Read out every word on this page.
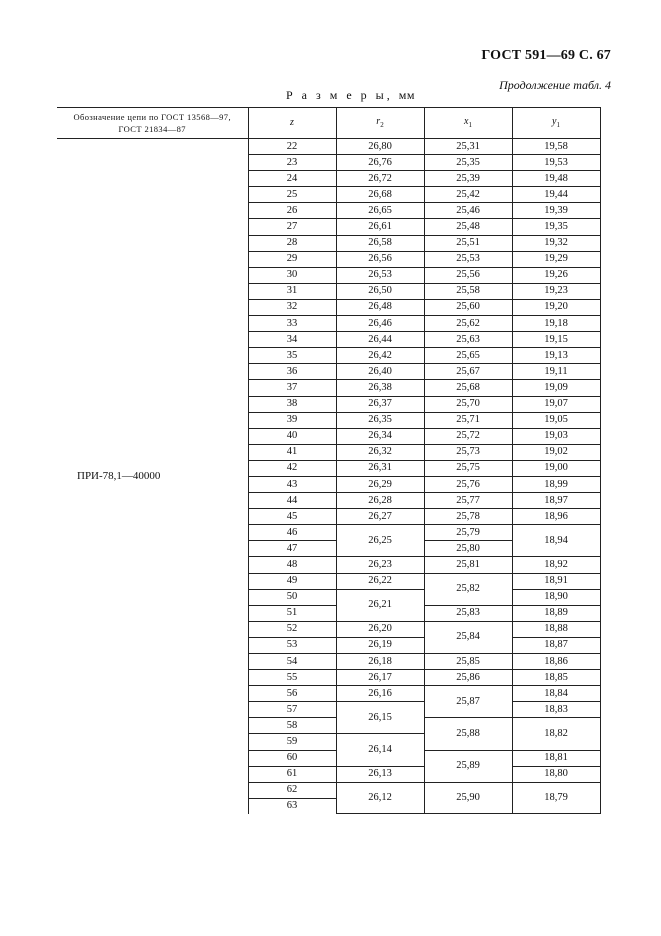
ГОСТ 591—69 С. 67
Продолжение табл. 4
Р а з м е р ы, мм
Обозначение цепи по ГОСТ 13568—97, ГОСТ 21834—87	z	$r_2$	$x_1$	$y_1$
ПРИ-78,1—40000	22	26,80	25,31	19,58
	23	26,76	25,35	19,53
	24	26,72	25,39	19,48
	25	26,68	25,42	19,44
	26	26,65	25,46	19,39
	27	26,61	25,48	19,35
	28	26,58	25,51	19,32
	29	26,56	25,53	19,29
	30	26,53	25,56	19,26
	31	26,50	25,58	19,23
	32	26,48	25,60	19,20
	33	26,46	25,62	19,18
	34	26,44	25,63	19,15
	35	26,42	25,65	19,13
	36	26,40	25,67	19,11
	37	26,38	25,68	19,09
	38	26,37	25,70	19,07
	39	26,35	25,71	19,05
	40	26,34	25,72	19,03
	41	26,32	25,73	19,02
	42	26,31	25,75	19,00
	43	26,29	25,76	18,99
	44	26,28	25,77	18,97
	45	26,27	25,78	18,96
	46	26,25	25,79	18,94
	47		25,80	
	48	26,23	25,81	18,92
	49	26,22	25,82	18,91
	50	26,21		18,90
	51		25,83	18,89
	52	26,20	25,84	18,88
	53	26,19		18,87
	54	26,18	25,85	18,86
	55	26,17	25,86	18,85
	56	26,16	25,87	18,84
	57	26,15		18,83
	58		25,88	18,82
	59	26,14		
	60		25,89	18,81
	61	26,13		18,80
	62	26,12	25,90	18,79
	63			
